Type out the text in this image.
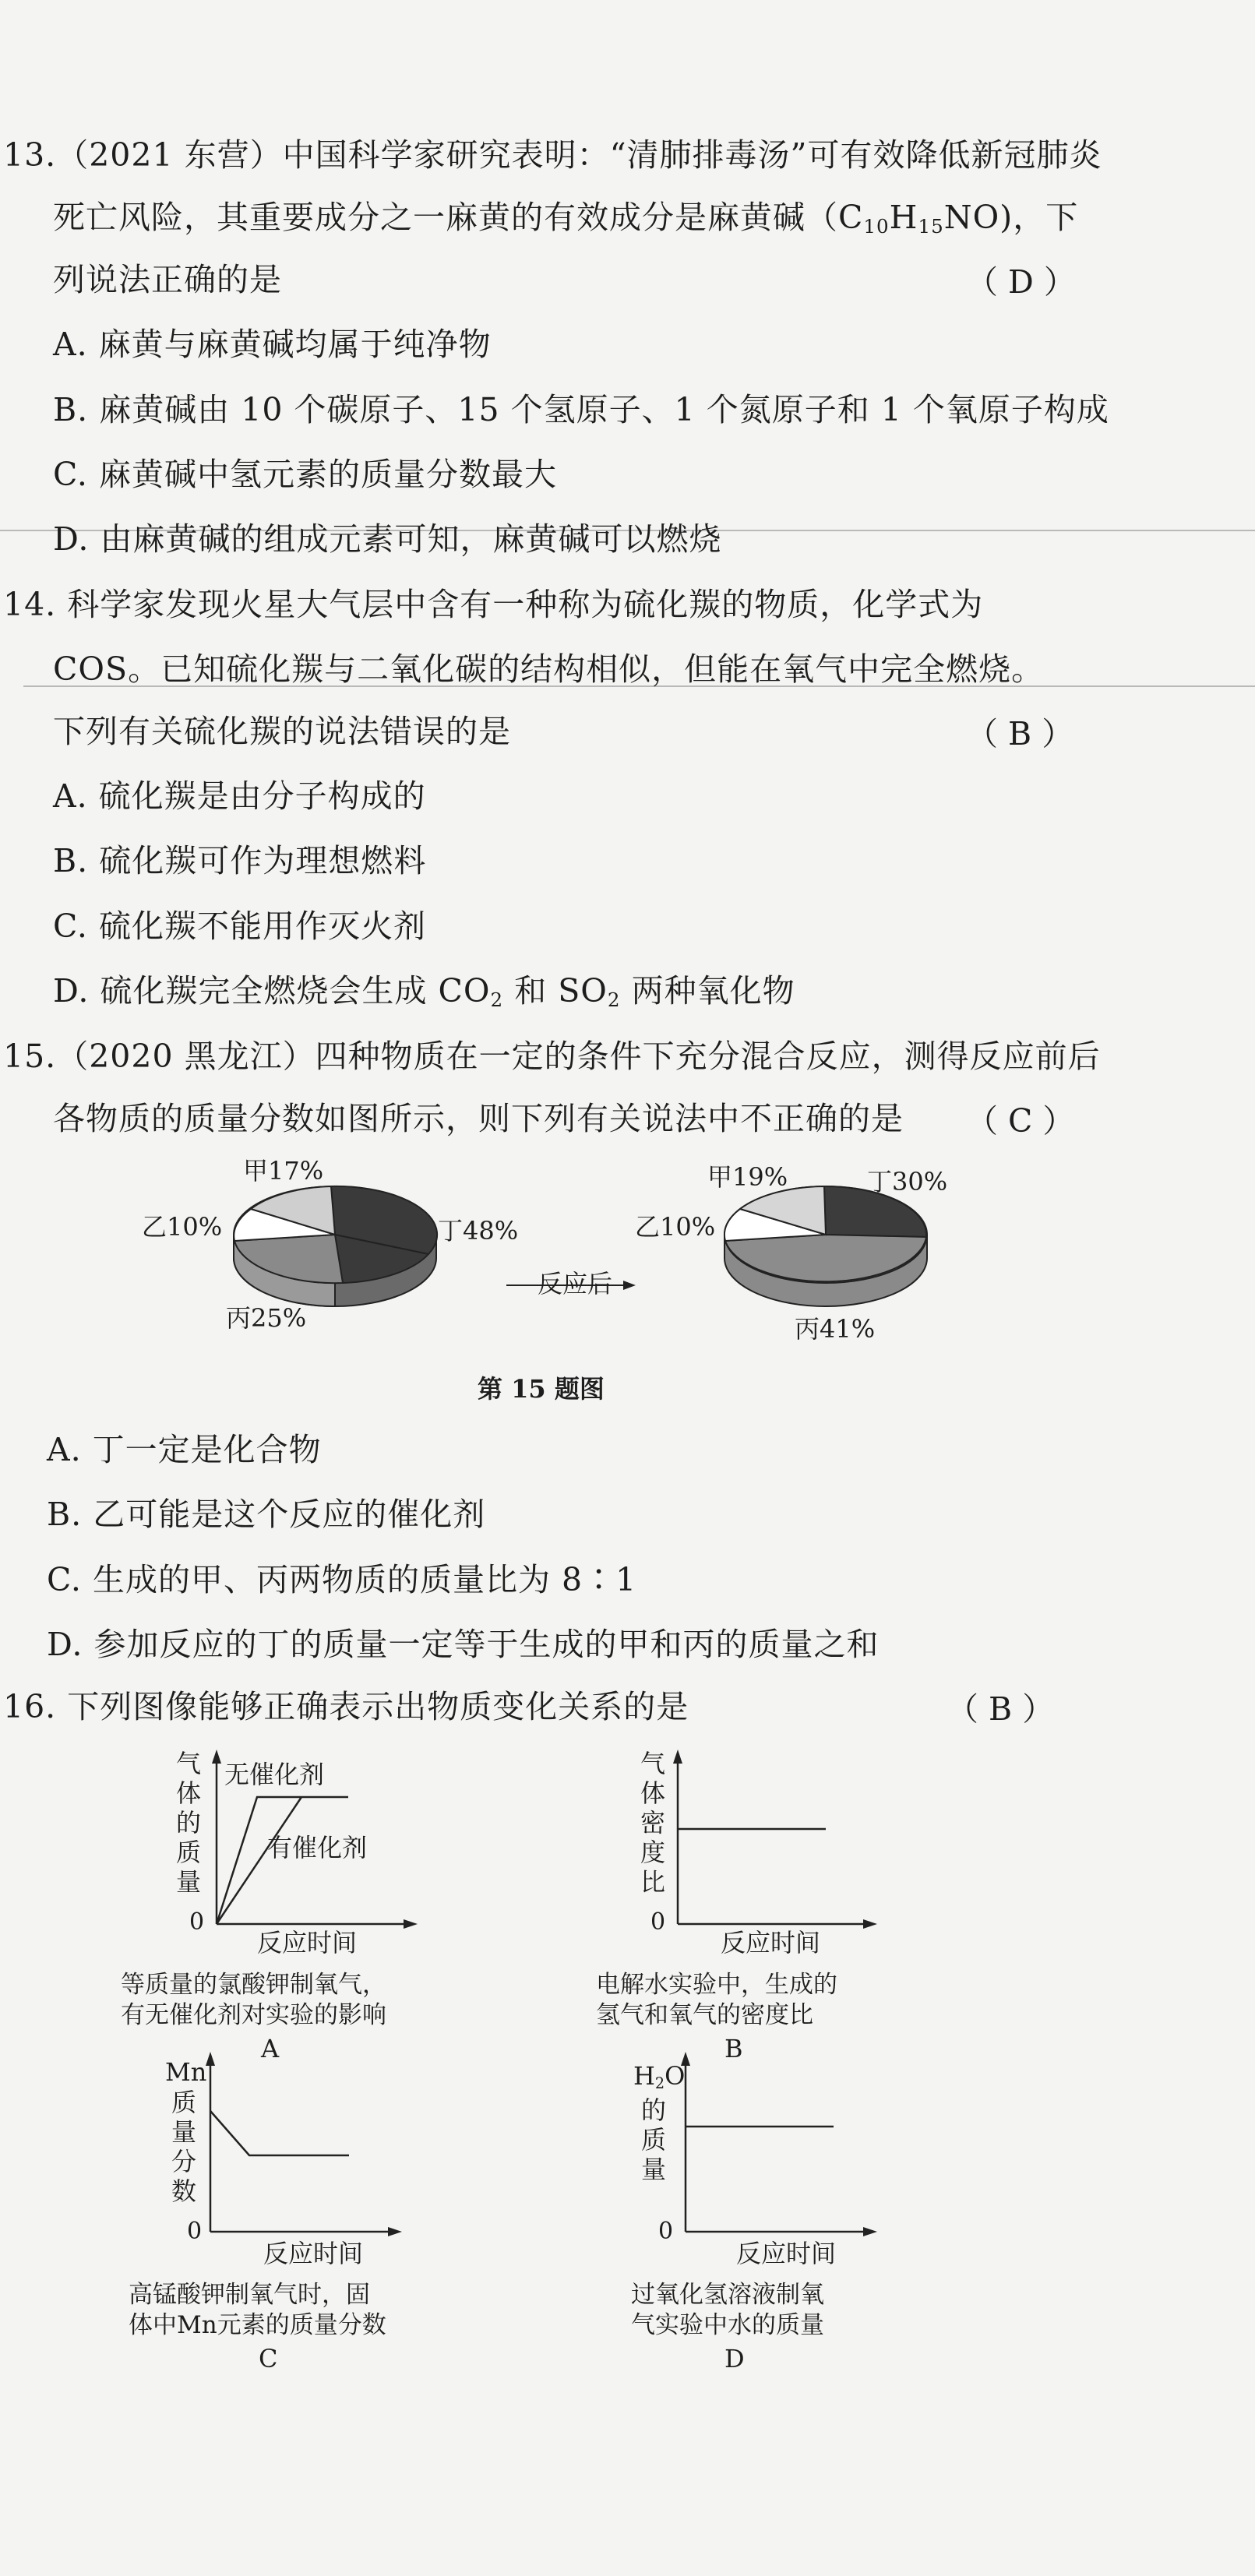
13.（2021 东营）中国科学家研究表明：“清肺排毒汤”可有效降低新冠肺炎
死亡风险，其重要成分之一麻黄的有效成分是麻黄碱$(C_{10}H_{15}NO)$，下
列说法正确的是	（ D ）
A. 麻黄与麻黄碱均属于纯净物
B. 麻黄碱由 10 个碳原子、15 个氢原子、1 个氮原子和 1 个氧原子构成
C. 麻黄碱中氢元素的质量分数最大
D. 由麻黄碱的组成元素可知，麻黄碱可以燃烧
14. 科学家发现火星大气层中含有一种称为硫化羰的物质，化学式为
COS。已知硫化羰与二氧化碳的结构相似，但能在氧气中完全燃烧。
下列有关硫化羰的说法错误的是	（ B ）
A. 硫化羰是由分子构成的
B. 硫化羰可作为理想燃料
C. 硫化羰不能用作灭火剂
D. 硫化羰完全燃烧会生成 $CO_2$ 和 $SO_2$ 两种氧化物
15.（2020 黑龙江）四种物质在一定的条件下充分混合反应，测得反应前后
各物质的质量分数如图所示，则下列有关说法中不正确的是 （ C ）
甲17%
乙10%	丁48%
丙25%
反应后
甲19%	丁30%
乙10%
丙41%
第 15 题图
A. 丁一定是化合物
B. 乙可能是这个反应的催化剂
C. 生成的甲、丙两物质的质量比为 8∶1
D. 参加反应的丁的质量一定等于生成的甲和丙的质量之和
16. 下列图像能够正确表示出物质变化关系的是	（ B ）
气
体
的
质
量
无催化剂
有催化剂
0
反应时间
等质量的氯酸钾制氧气，
有无催化剂对实验的影响
A
气
体
密
度
比
0
反应时间
电解水实验中，生成的
氢气和氧气的密度比
B
Mn
质
量
分
数
0
反应时间
高锰酸钾制氧气时，固
体中Mn元素的质量分数
C
$H_2O$
的
质
量
0
反应时间
过氧化氢溶液制氧
气实验中水的质量
D
